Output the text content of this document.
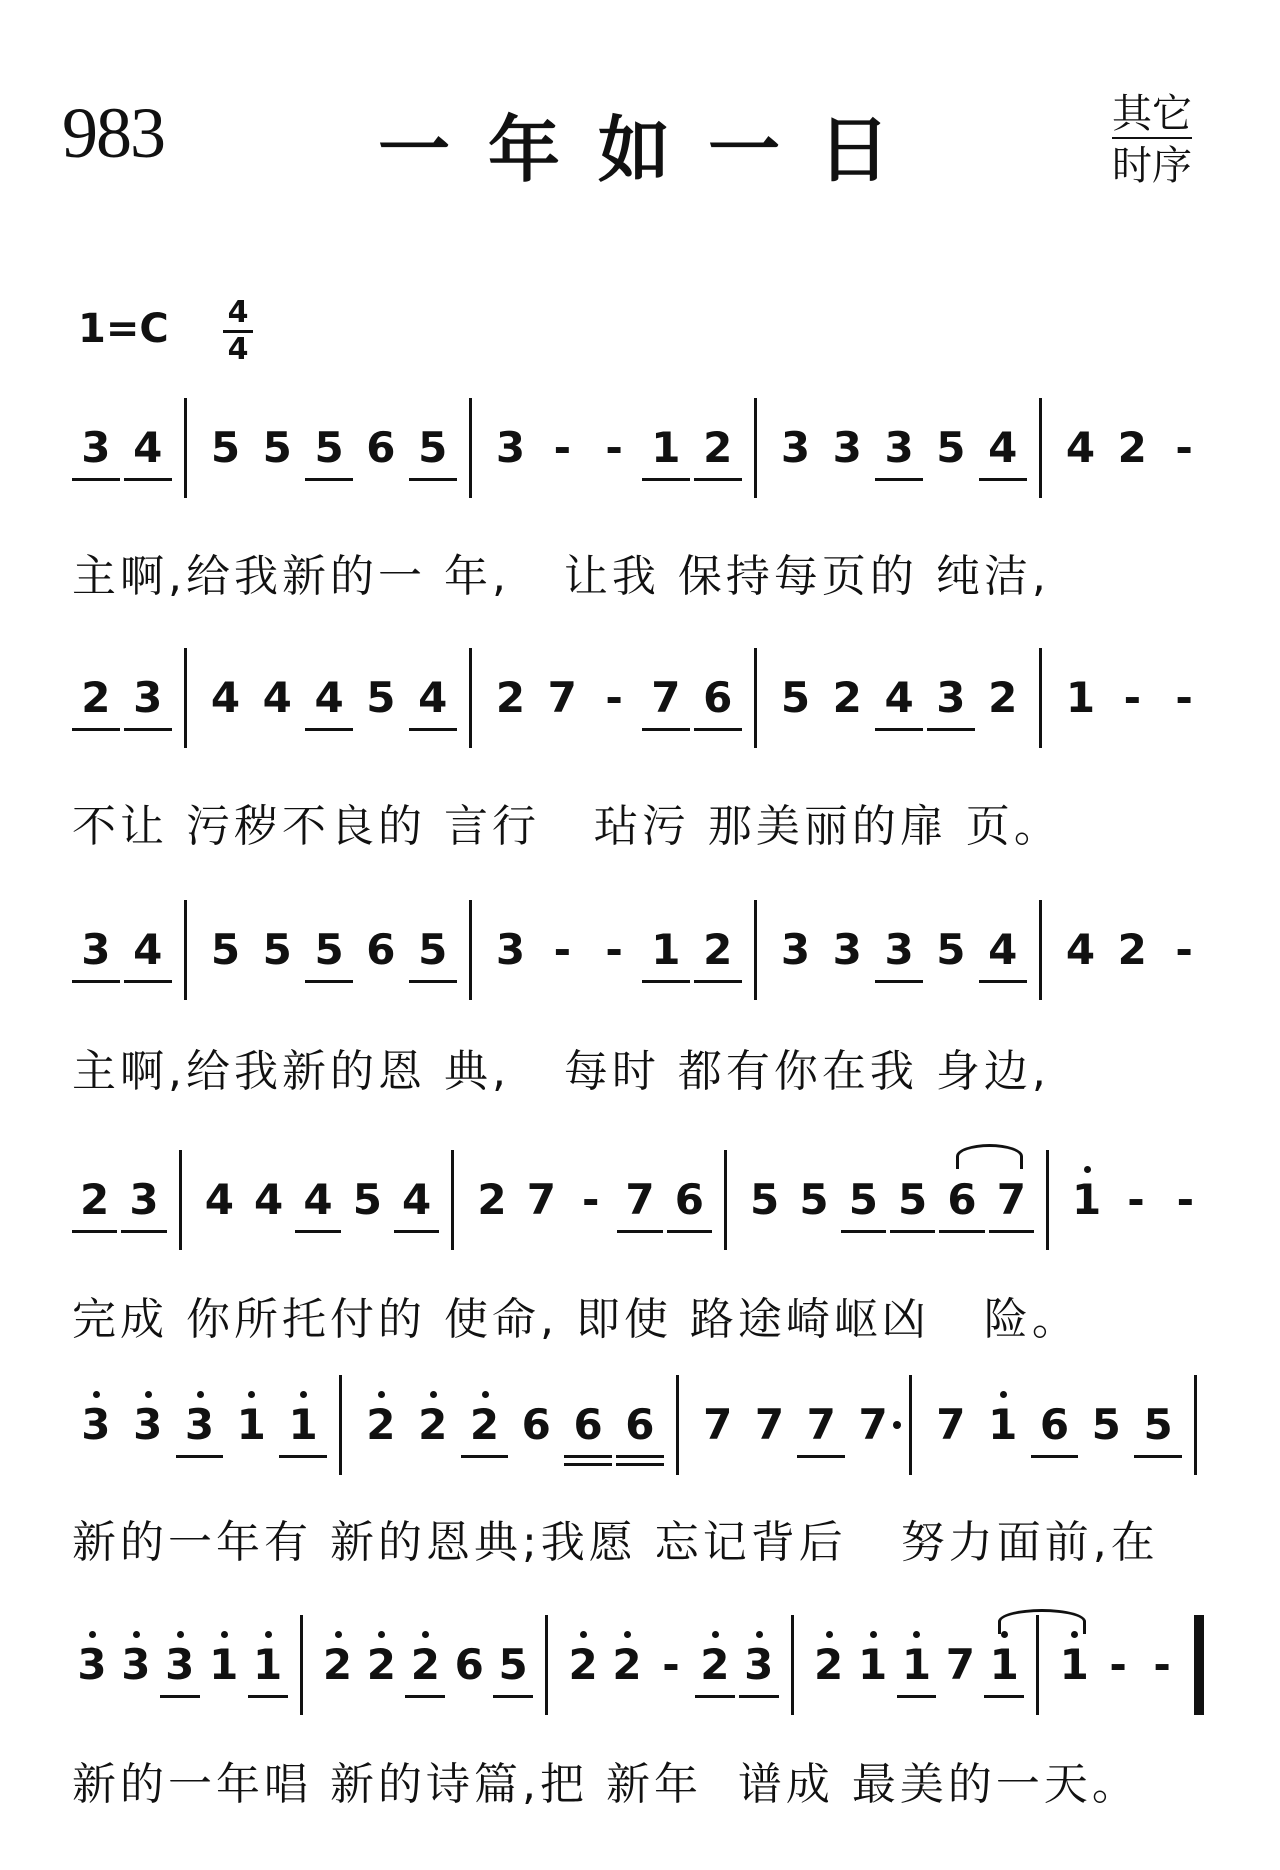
983	一年如一日	其它
时序
1=C 4
4
3 4 5 5 5 6 5 3 - - 1 2 3 3 3 5 4 4 2 -
2 3 4 4 4 5 4 2 7 - 7 6 5 2 4 3 2 1 - -
3 4 5 5 5 6 5 3 - - 1 2 3 3 3 5 4 4 2 -
2 3 4 4 4 5 4 2 7 - 7 6 5 5 5 5 6 7 1 - -
3 3 3 1 1 2 2 2 6 6 6 7 7 7 7 7 1 6 5 5
3 3 3 1 1 2 2 2 6 5 2 2 - 2 3 2 1 1 7 1 1 - -
主啊,给我新的一 年,   让我 保持每页的 纯洁,
不让 污秽不良的 言行   玷污 那美丽的扉 页。
主啊,给我新的恩 典,   每时 都有你在我 身边,
完成 你所托付的 使命, 即使 路途崎岖凶   险。
新的一年有 新的恩典;我愿 忘记背后   努力面前,在
新的一年唱 新的诗篇,把 新年  谱成 最美的一天。
